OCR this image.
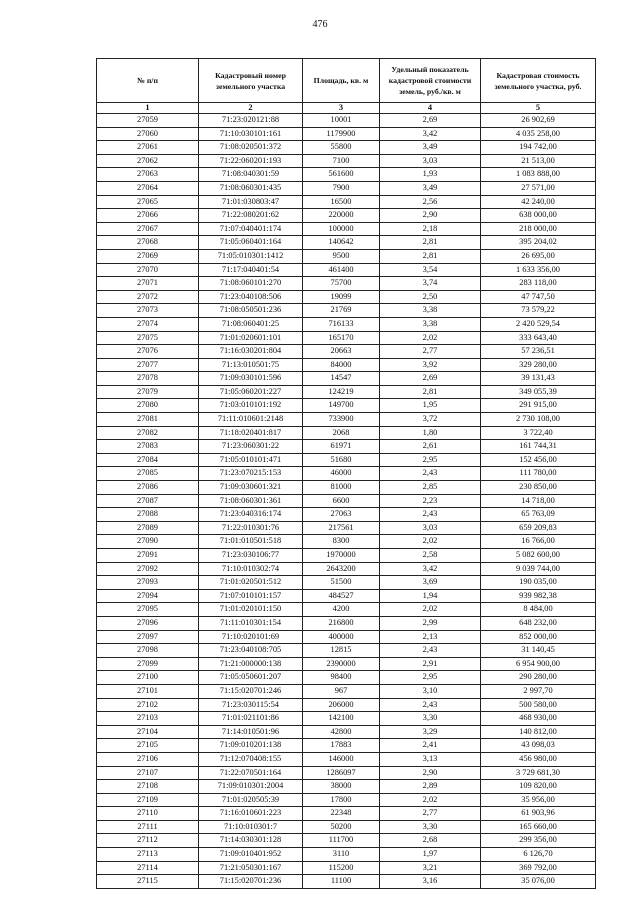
476
№ п/п	Кадастровый номер земельного участка	Площадь, кв. м	Удельный показатель кадастровой стоимости земель, руб./кв. м	Кадастровая стоимость земельного участка, руб.
1	2	3	4	5
27059	71:23:020121:88	10001	2,69	26 902,69
27060	71:10:030101:161	1179900	3,42	4 035 258,00
27061	71:08:020501:372	55800	3,49	194 742,00
27062	71:22:060201:193	7100	3,03	21 513,00
27063	71:08:040301:59	561600	1,93	1 083 888,00
27064	71:08:060301:435	7900	3,49	27 571,00
27065	71:01:030803:47	16500	2,56	42 240,00
27066	71:22:080201:62	220000	2,90	638 000,00
27067	71:07:040401:174	100000	2,18	218 000,00
27068	71:05:060401:164	140642	2,81	395 204,02
27069	71:05:010301:1412	9500	2,81	26 695,00
27070	71:17:040401:54	461400	3,54	1 633 356,00
27071	71:08:060101:270	75700	3,74	283 118,00
27072	71:23:040108:506	19099	2,50	47 747,50
27073	71:08:050501:236	21769	3,38	73 579,22
27074	71:08:060401:25	716133	3,38	2 420 529,54
27075	71:01:020601:101	165170	2,02	333 643,40
27076	71:16:030201:804	20663	2,77	57 236,51
27077	71:13:010501:75	84000	3,92	329 280,00
27078	71:09:030101:596	14547	2,69	39 131,43
27079	71:05:060201:227	124219	2,81	349 055,39
27080	71:03:010101:192	149700	1,95	291 915,00
27081	71:11:010601:2148	733900	3,72	2 730 108,00
27082	71:18:020401:817	2068	1,80	3 722,40
27083	71:23:060301:22	61971	2,61	161 744,31
27084	71:05:010101:471	51680	2,95	152 456,00
27085	71:23:070215:153	46000	2,43	111 780,00
27086	71:09:030601:321	81000	2,85	230 850,00
27087	71:08:060301:361	6600	2,23	14 718,00
27088	71:23:040316:174	27063	2,43	65 763,09
27089	71:22:010301:76	217561	3,03	659 209,83
27090	71:01:010501:518	8300	2,02	16 766,00
27091	71:23:030106:77	1970000	2,58	5 082 600,00
27092	71:10:010302:74	2643200	3,42	9 039 744,00
27093	71:01:020501:512	51500	3,69	190 035,00
27094	71:07:010101:157	484527	1,94	939 982,38
27095	71:01:020101:150	4200	2,02	8 484,00
27096	71:11:010301:154	216800	2,99	648 232,00
27097	71:10:020101:69	400000	2,13	852 000,00
27098	71:23:040108:705	12815	2,43	31 140,45
27099	71:21:000000:138	2390000	2,91	6 954 900,00
27100	71:05:050601:207	98400	2,95	290 280,00
27101	71:15:020701:246	967	3,10	2 997,70
27102	71:23:030115:54	206000	2,43	500 580,00
27103	71:01:021101:86	142100	3,30	468 930,00
27104	71:14:010501:96	42800	3,29	140 812,00
27105	71:09:010201:138	17883	2,41	43 098,03
27106	71:12:070408:155	146000	3,13	456 980,00
27107	71:22:070501:164	1286097	2,90	3 729 681,30
27108	71:09:010301:2004	38000	2,89	109 820,00
27109	71:01:020505:39	17800	2,02	35 956,00
27110	71:16:010601:223	22348	2,77	61 903,96
27111	71:10:010301:7	50200	3,30	165 660,00
27112	71:14:030301:128	111700	2,68	299 356,00
27113	71:09:010401:952	3110	1,97	6 126,70
27114	71:21:050301:167	115200	3,21	369 792,00
27115	71:15:020701:236	11100	3,16	35 076,00
